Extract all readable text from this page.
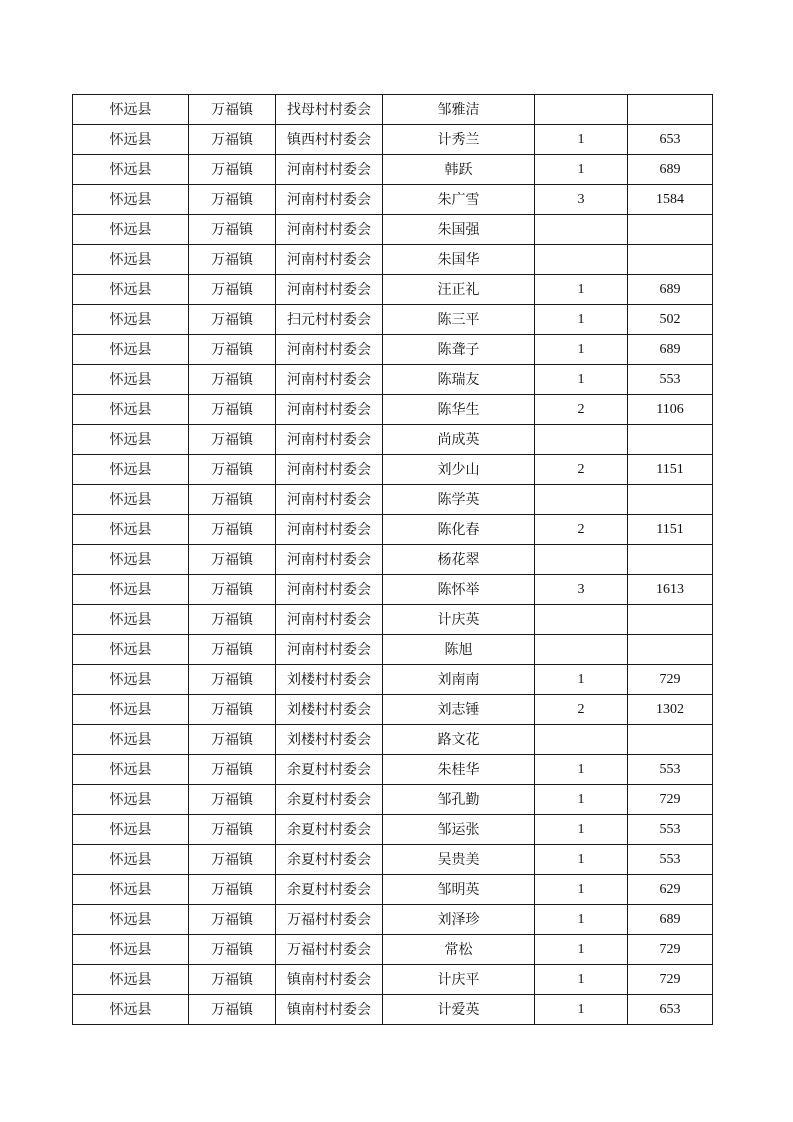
怀远县	万福镇	找母村村委会	邹雅洁		
怀远县	万福镇	镇西村村委会	计秀兰	1	653
怀远县	万福镇	河南村村委会	韩跃	1	689
怀远县	万福镇	河南村村委会	朱广雪	3	1584
怀远县	万福镇	河南村村委会	朱国强		
怀远县	万福镇	河南村村委会	朱国华		
怀远县	万福镇	河南村村委会	汪正礼	1	689
怀远县	万福镇	扫元村村委会	陈三平	1	502
怀远县	万福镇	河南村村委会	陈聋子	1	689
怀远县	万福镇	河南村村委会	陈瑞友	1	553
怀远县	万福镇	河南村村委会	陈华生	2	1106
怀远县	万福镇	河南村村委会	尚成英		
怀远县	万福镇	河南村村委会	刘少山	2	1151
怀远县	万福镇	河南村村委会	陈学英		
怀远县	万福镇	河南村村委会	陈化春	2	1151
怀远县	万福镇	河南村村委会	杨花翠		
怀远县	万福镇	河南村村委会	陈怀举	3	1613
怀远县	万福镇	河南村村委会	计庆英		
怀远县	万福镇	河南村村委会	陈旭		
怀远县	万福镇	刘楼村村委会	刘南南	1	729
怀远县	万福镇	刘楼村村委会	刘志锤	2	1302
怀远县	万福镇	刘楼村村委会	路文花		
怀远县	万福镇	余夏村村委会	朱桂华	1	553
怀远县	万福镇	余夏村村委会	邹孔勤	1	729
怀远县	万福镇	余夏村村委会	邹运张	1	553
怀远县	万福镇	余夏村村委会	吴贵美	1	553
怀远县	万福镇	余夏村村委会	邹明英	1	629
怀远县	万福镇	万福村村委会	刘泽珍	1	689
怀远县	万福镇	万福村村委会	常松	1	729
怀远县	万福镇	镇南村村委会	计庆平	1	729
怀远县	万福镇	镇南村村委会	计爱英	1	653
